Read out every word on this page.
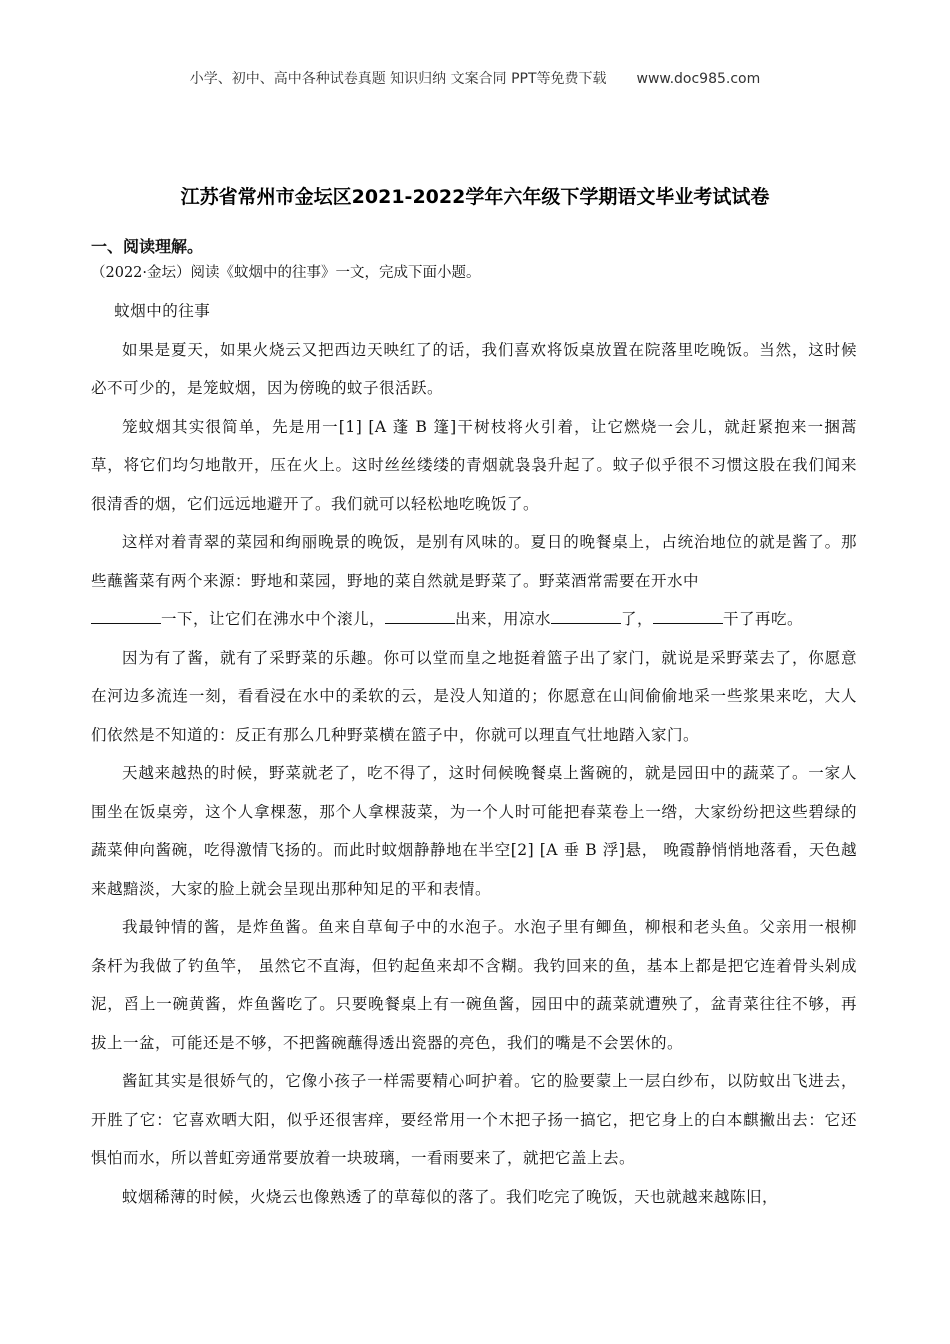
小学、初中、高中各种试卷真题 知识归纳 文案合同 PPT等免费下载 www.doc985.com
江苏省常州市金坛区2021-2022学年六年级下学期语文毕业考试试卷
一、阅读理解。
（2022·金坛）阅读《蚊烟中的往事》一文，完成下面小题。

蚊烟中的往事

如果是夏天，如果火烧云又把西边天映红了的话，我们喜欢将饭桌放置在院落里吃晚饭。当然，这时候必不可少的，是笼蚊烟，因为傍晚的蚊子很活跃。

笼蚊烟其实很简单，先是用一[1] [A 蓬 B 篷]干树枝将火引着，让它燃烧一会儿，就赶紧抱来一捆蒿草，将它们均匀地散开，压在火上。这时丝丝缕缕的青烟就袅袅升起了。蚊子似乎很不习惯这股在我们闻来很清香的烟，它们远远地避开了。我们就可以轻松地吃晚饭了。

这样对着青翠的菜园和绚丽晚景的晚饭，是别有风味的。夏日的晚餐桌上，占统治地位的就是酱了。那些蘸酱菜有两个来源：野地和菜园，野地的菜自然就是野菜了。野菜酒常需要在开水中

一下，让它们在沸水中个滚儿，	出来，用凉水	了，	干了再吃。

因为有了酱，就有了采野菜的乐趣。你可以堂而皇之地挺着篮子出了家门，就说是采野菜去了，你愿意在河边多流连一刻，看看浸在水中的柔软的云，是没人知道的；你愿意在山间偷偷地采一些浆果来吃，大人们依然是不知道的：反正有那么几种野菜横在篮子中，你就可以理直气壮地踏入家门。

天越来越热的时候，野菜就老了，吃不得了，这时伺候晚餐桌上酱碗的，就是园田中的蔬菜了。一家人围坐在饭桌旁，这个人拿棵葱，那个人拿棵菠菜，为一个人时可能把春菜卷上一绺，大家纷纷把这些碧绿的蔬菜伸向酱碗，吃得激情飞扬的。而此时蚊烟静静地在半空[2] [A 垂 B 浮]悬， 晚霞静悄悄地落看，天色越来越黯淡，大家的脸上就会呈现出那种知足的平和表情。

我最钟情的酱，是炸鱼酱。鱼来自草甸子中的水泡子。水泡子里有鲫鱼，柳根和老头鱼。父亲用一根柳条杆为我做了钓鱼竿， 虽然它不直海，但钓起鱼来却不含糊。我钓回来的鱼，基本上都是把它连着骨头剁成泥，舀上一碗黄酱，炸鱼酱吃了。只要晚餐桌上有一碗鱼酱，园田中的蔬菜就遭殃了，盆青菜往往不够，再拔上一盆，可能还是不够，不把酱碗蘸得透出瓷器的亮色，我们的嘴是不会罢休的。

酱缸其实是很娇气的，它像小孩子一样需要精心呵护着。它的脸要蒙上一层白纱布，以防蚊出飞进去，开胜了它：它喜欢晒大阳，似乎还很害痒，要经常用一个木把子扬一搞它，把它身上的白本麒撇出去：它还惧怕而水，所以普虹旁通常要放着一块玻璃，一看雨要来了，就把它盖上去。

蚊烟稀薄的时候，火烧云也像熟透了的草莓似的落了。我们吃完了晚饭，天也就越来越陈旧，
